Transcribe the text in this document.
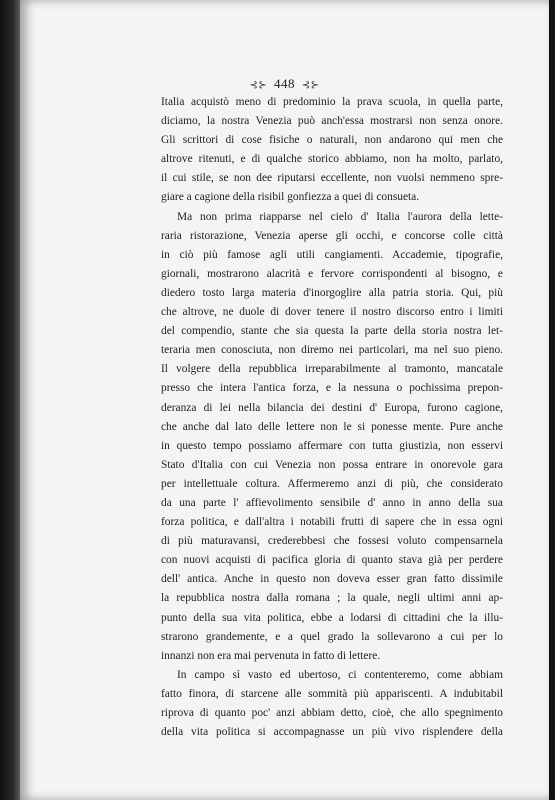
⊰⊱ 448 ⊰⊱
Italia acquistò meno di predominio la prava scuola, in quella parte,
diciamo, la nostra Venezia può anch'essa mostrarsi non senza onore.
Gli scrittori di cose fisiche o naturali, non andarono qui men che
altrove ritenuti, e di qualche storico abbiamo, non ha molto, parlato,
il cui stile, se non dee riputarsi eccellente, non vuolsi nemmeno spre-
giare a cagione della risibil gonfiezza a quei di consueta.
Ma non prima riapparse nel cielo d' Italia l'aurora della lette-
raria ristorazione, Venezia aperse gli occhi, e concorse colle città
in ciò più famose agli utili cangiamenti. Accademie, tipografie,
giornali, mostrarono alacrità e fervore corrispondenti al bisogno, e
diedero tosto larga materia d'inorgoglire alla patria storia. Qui, più
che altrove, ne duole di dover tenere il nostro discorso entro i limiti
del compendio, stante che sia questa la parte della storia nostra let-
teraria men conosciuta, non diremo nei particolari, ma nel suo pieno.
Il volgere della repubblica irreparabilmente al tramonto, mancatale
presso che intera l'antica forza, e la nessuna o pochissima prepon-
deranza di lei nella bilancia dei destini d' Europa, furono cagione,
che anche dal lato delle lettere non le si ponesse mente. Pure anche
in questo tempo possiamo affermare con tutta giustizia, non esservi
Stato d'Italia con cui Venezia non possa entrare in onorevole gara
per intellettuale coltura. Affermeremo anzi di più, che considerato
da una parte l' affievolimento sensibile d' anno in anno della sua
forza politica, e dall'altra i notabili frutti di sapere che in essa ogni
di più maturavansi, crederebbesi che fossesi voluto compensarnela
con nuovi acquisti di pacifica gloria di quanto stava già per perdere
dell' antica. Anche in questo non doveva esser gran fatto dissimile
la repubblica nostra dalla romana ; la quale, negli ultimi anni ap-
punto della sua vita politica, ebbe a lodarsi di cittadini che la illu-
strarono grandemente, e a quel grado la sollevarono a cui per lo
innanzi non era mai pervenuta in fatto di lettere.
In campo sì vasto ed ubertoso, ci contenteremo, come abbiam
fatto finora, di starcene alle sommità più appariscenti. A indubitabil
riprova di quanto poc' anzi abbiam detto, cioè, che allo spegnimento
della vita politica si accompagnasse un più vivo risplendere della
